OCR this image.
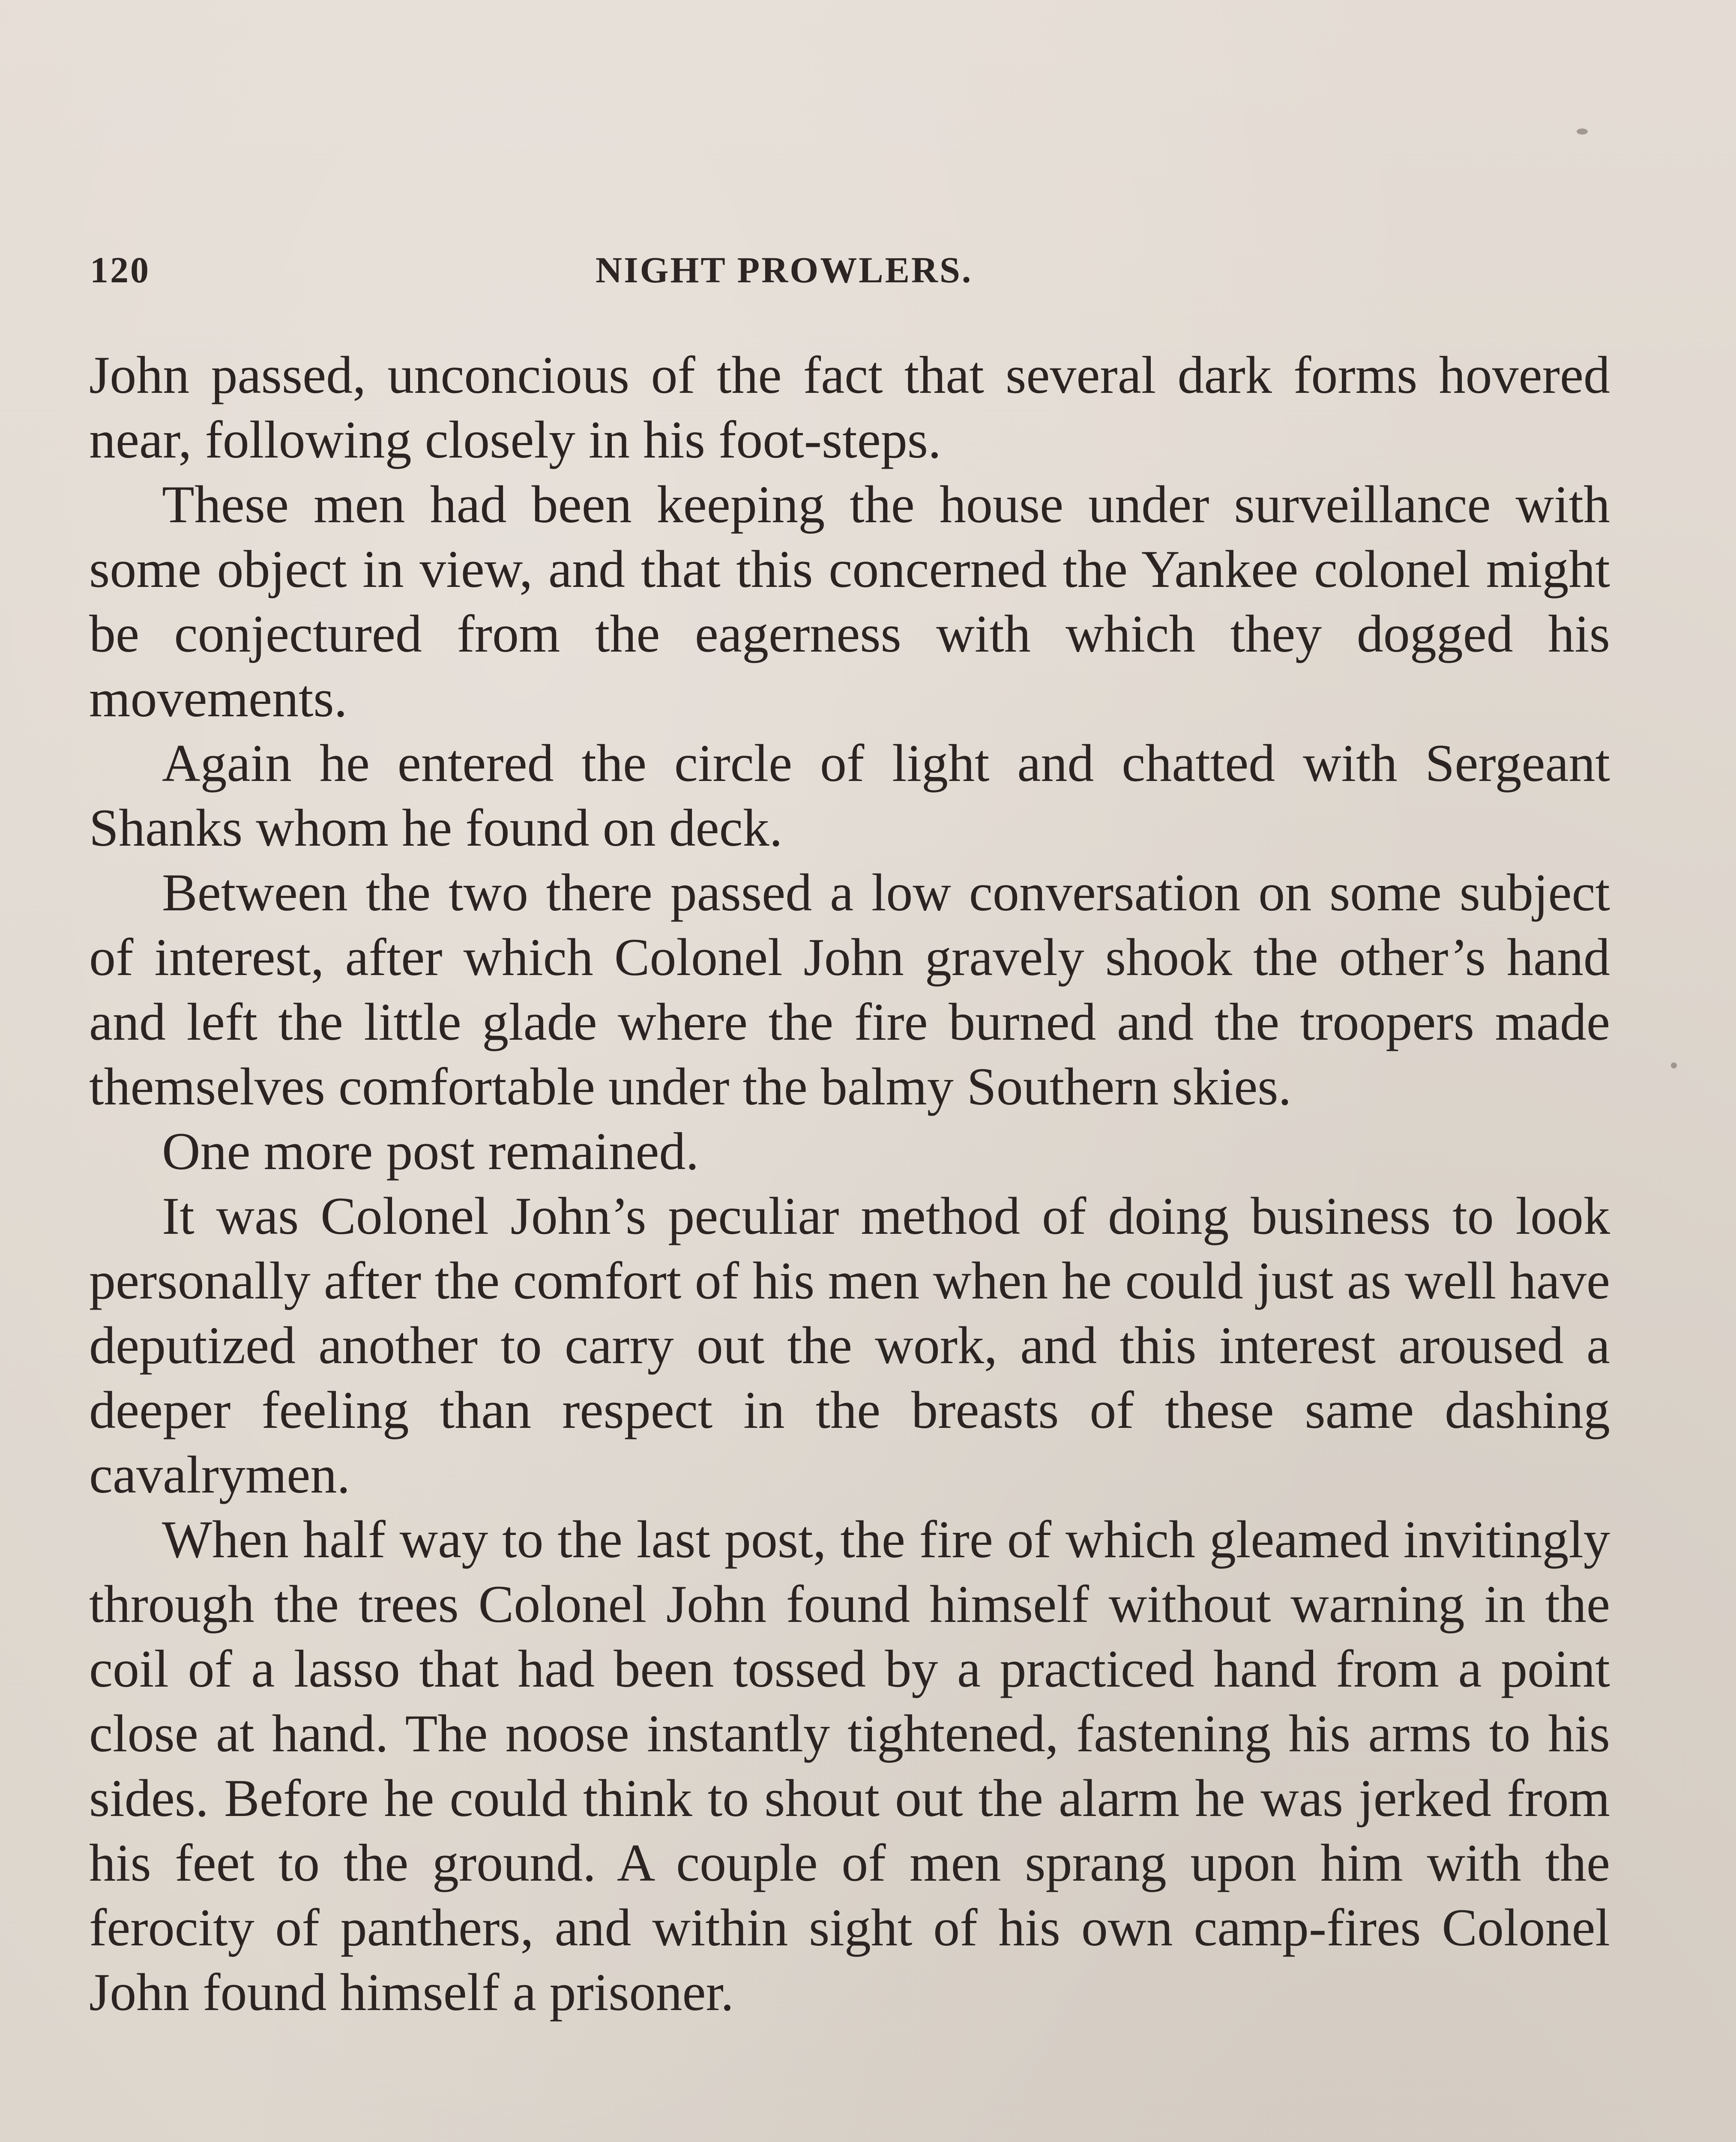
120	NIGHT PROWLERS.

John passed, unconcious of the fact that several dark forms hovered near, following closely in his foot-steps.

These men had been keeping the house under surveillance with some object in view, and that this concerned the Yankee colonel might be conjectured from the eagerness with which they dogged his movements.

Again he entered the circle of light and chatted with Sergeant Shanks whom he found on deck.

Between the two there passed a low conversation on some subject of interest, after which Colonel John gravely shook the other’s hand and left the little glade where the fire burned and the troopers made themselves comfortable under the balmy Southern skies.

One more post remained.

It was Colonel John’s peculiar method of doing business to look personally after the comfort of his men when he could just as well have deputized another to carry out the work, and this interest aroused a deeper feeling than respect in the breasts of these same dashing cavalrymen.

When half way to the last post, the fire of which gleamed invitingly through the trees Colonel John found himself without warning in the coil of a lasso that had been tossed by a practiced hand from a point close at hand. The noose instantly tightened, fastening his arms to his sides. Before he could think to shout out the alarm he was jerked from his feet to the ground. A couple of men sprang upon him with the ferocity of panthers, and within sight of his own camp-fires Colonel John found himself a prisoner.
